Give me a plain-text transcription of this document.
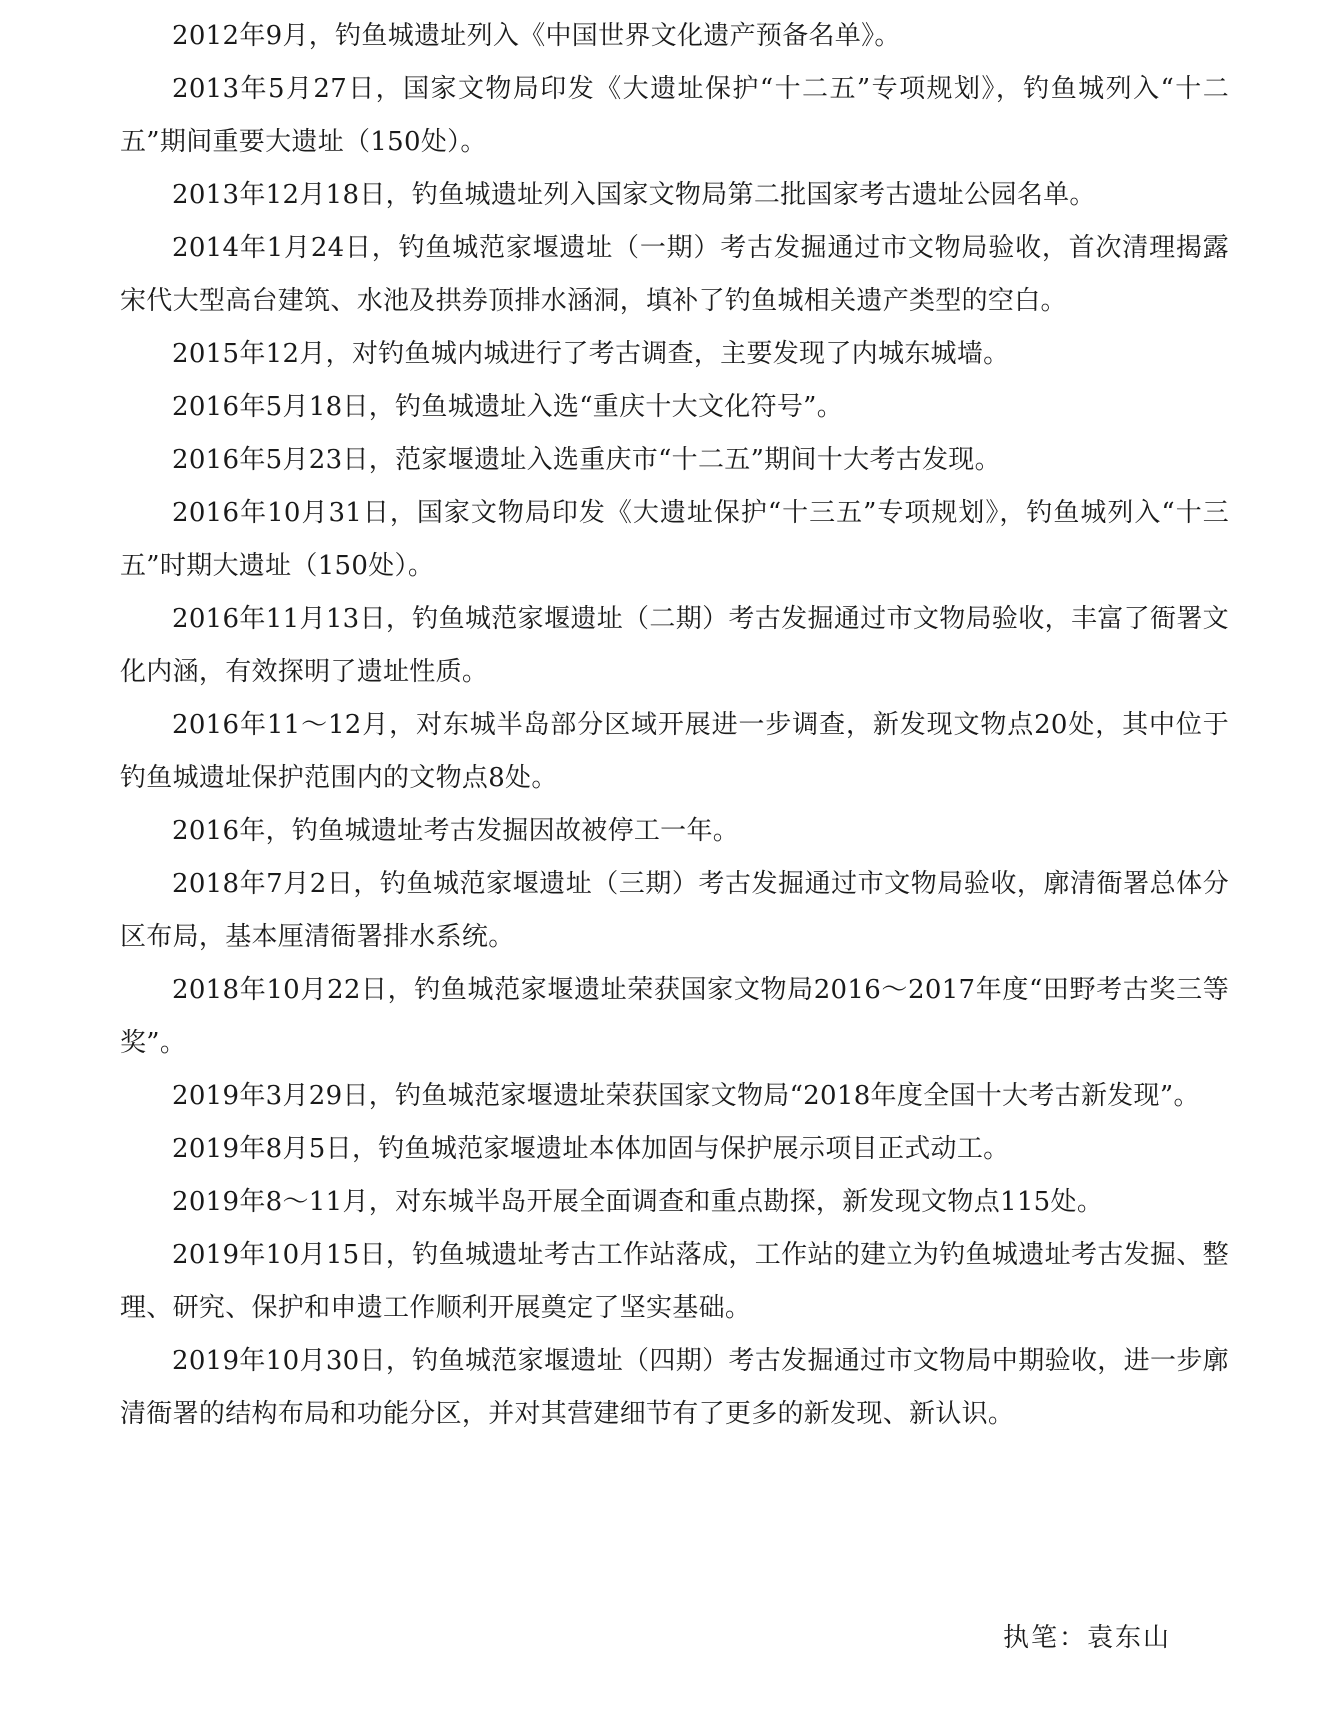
2012年9月，钓鱼城遗址列入《中国世界文化遗产预备名单》。

2013年5月27日，国家文物局印发《大遗址保护“十二五”专项规划》，钓鱼城列入“十二五”期间重要大遗址（150处）。

2013年12月18日，钓鱼城遗址列入国家文物局第二批国家考古遗址公园名单。

2014年1月24日，钓鱼城范家堰遗址（一期）考古发掘通过市文物局验收，首次清理揭露宋代大型高台建筑、水池及拱券顶排水涵洞，填补了钓鱼城相关遗产类型的空白。

2015年12月，对钓鱼城内城进行了考古调查，主要发现了内城东城墙。

2016年5月18日，钓鱼城遗址入选“重庆十大文化符号”。

2016年5月23日，范家堰遗址入选重庆市“十二五”期间十大考古发现。

2016年10月31日，国家文物局印发《大遗址保护“十三五”专项规划》，钓鱼城列入“十三五”时期大遗址（150处）。

2016年11月13日，钓鱼城范家堰遗址（二期）考古发掘通过市文物局验收，丰富了衙署文化内涵，有效探明了遗址性质。

2016年11～12月，对东城半岛部分区域开展进一步调查，新发现文物点20处，其中位于钓鱼城遗址保护范围内的文物点8处。

2016年，钓鱼城遗址考古发掘因故被停工一年。

2018年7月2日，钓鱼城范家堰遗址（三期）考古发掘通过市文物局验收，廓清衙署总体分区布局，基本厘清衙署排水系统。

2018年10月22日，钓鱼城范家堰遗址荣获国家文物局2016～2017年度“田野考古奖三等奖”。

2019年3月29日，钓鱼城范家堰遗址荣获国家文物局“2018年度全国十大考古新发现”。

2019年8月5日，钓鱼城范家堰遗址本体加固与保护展示项目正式动工。

2019年8～11月，对东城半岛开展全面调查和重点勘探，新发现文物点115处。

2019年10月15日，钓鱼城遗址考古工作站落成，工作站的建立为钓鱼城遗址考古发掘、整理、研究、保护和申遗工作顺利开展奠定了坚实基础。

2019年10月30日，钓鱼城范家堰遗址（四期）考古发掘通过市文物局中期验收，进一步廓清衙署的结构布局和功能分区，并对其营建细节有了更多的新发现、新认识。

执笔：袁东山
